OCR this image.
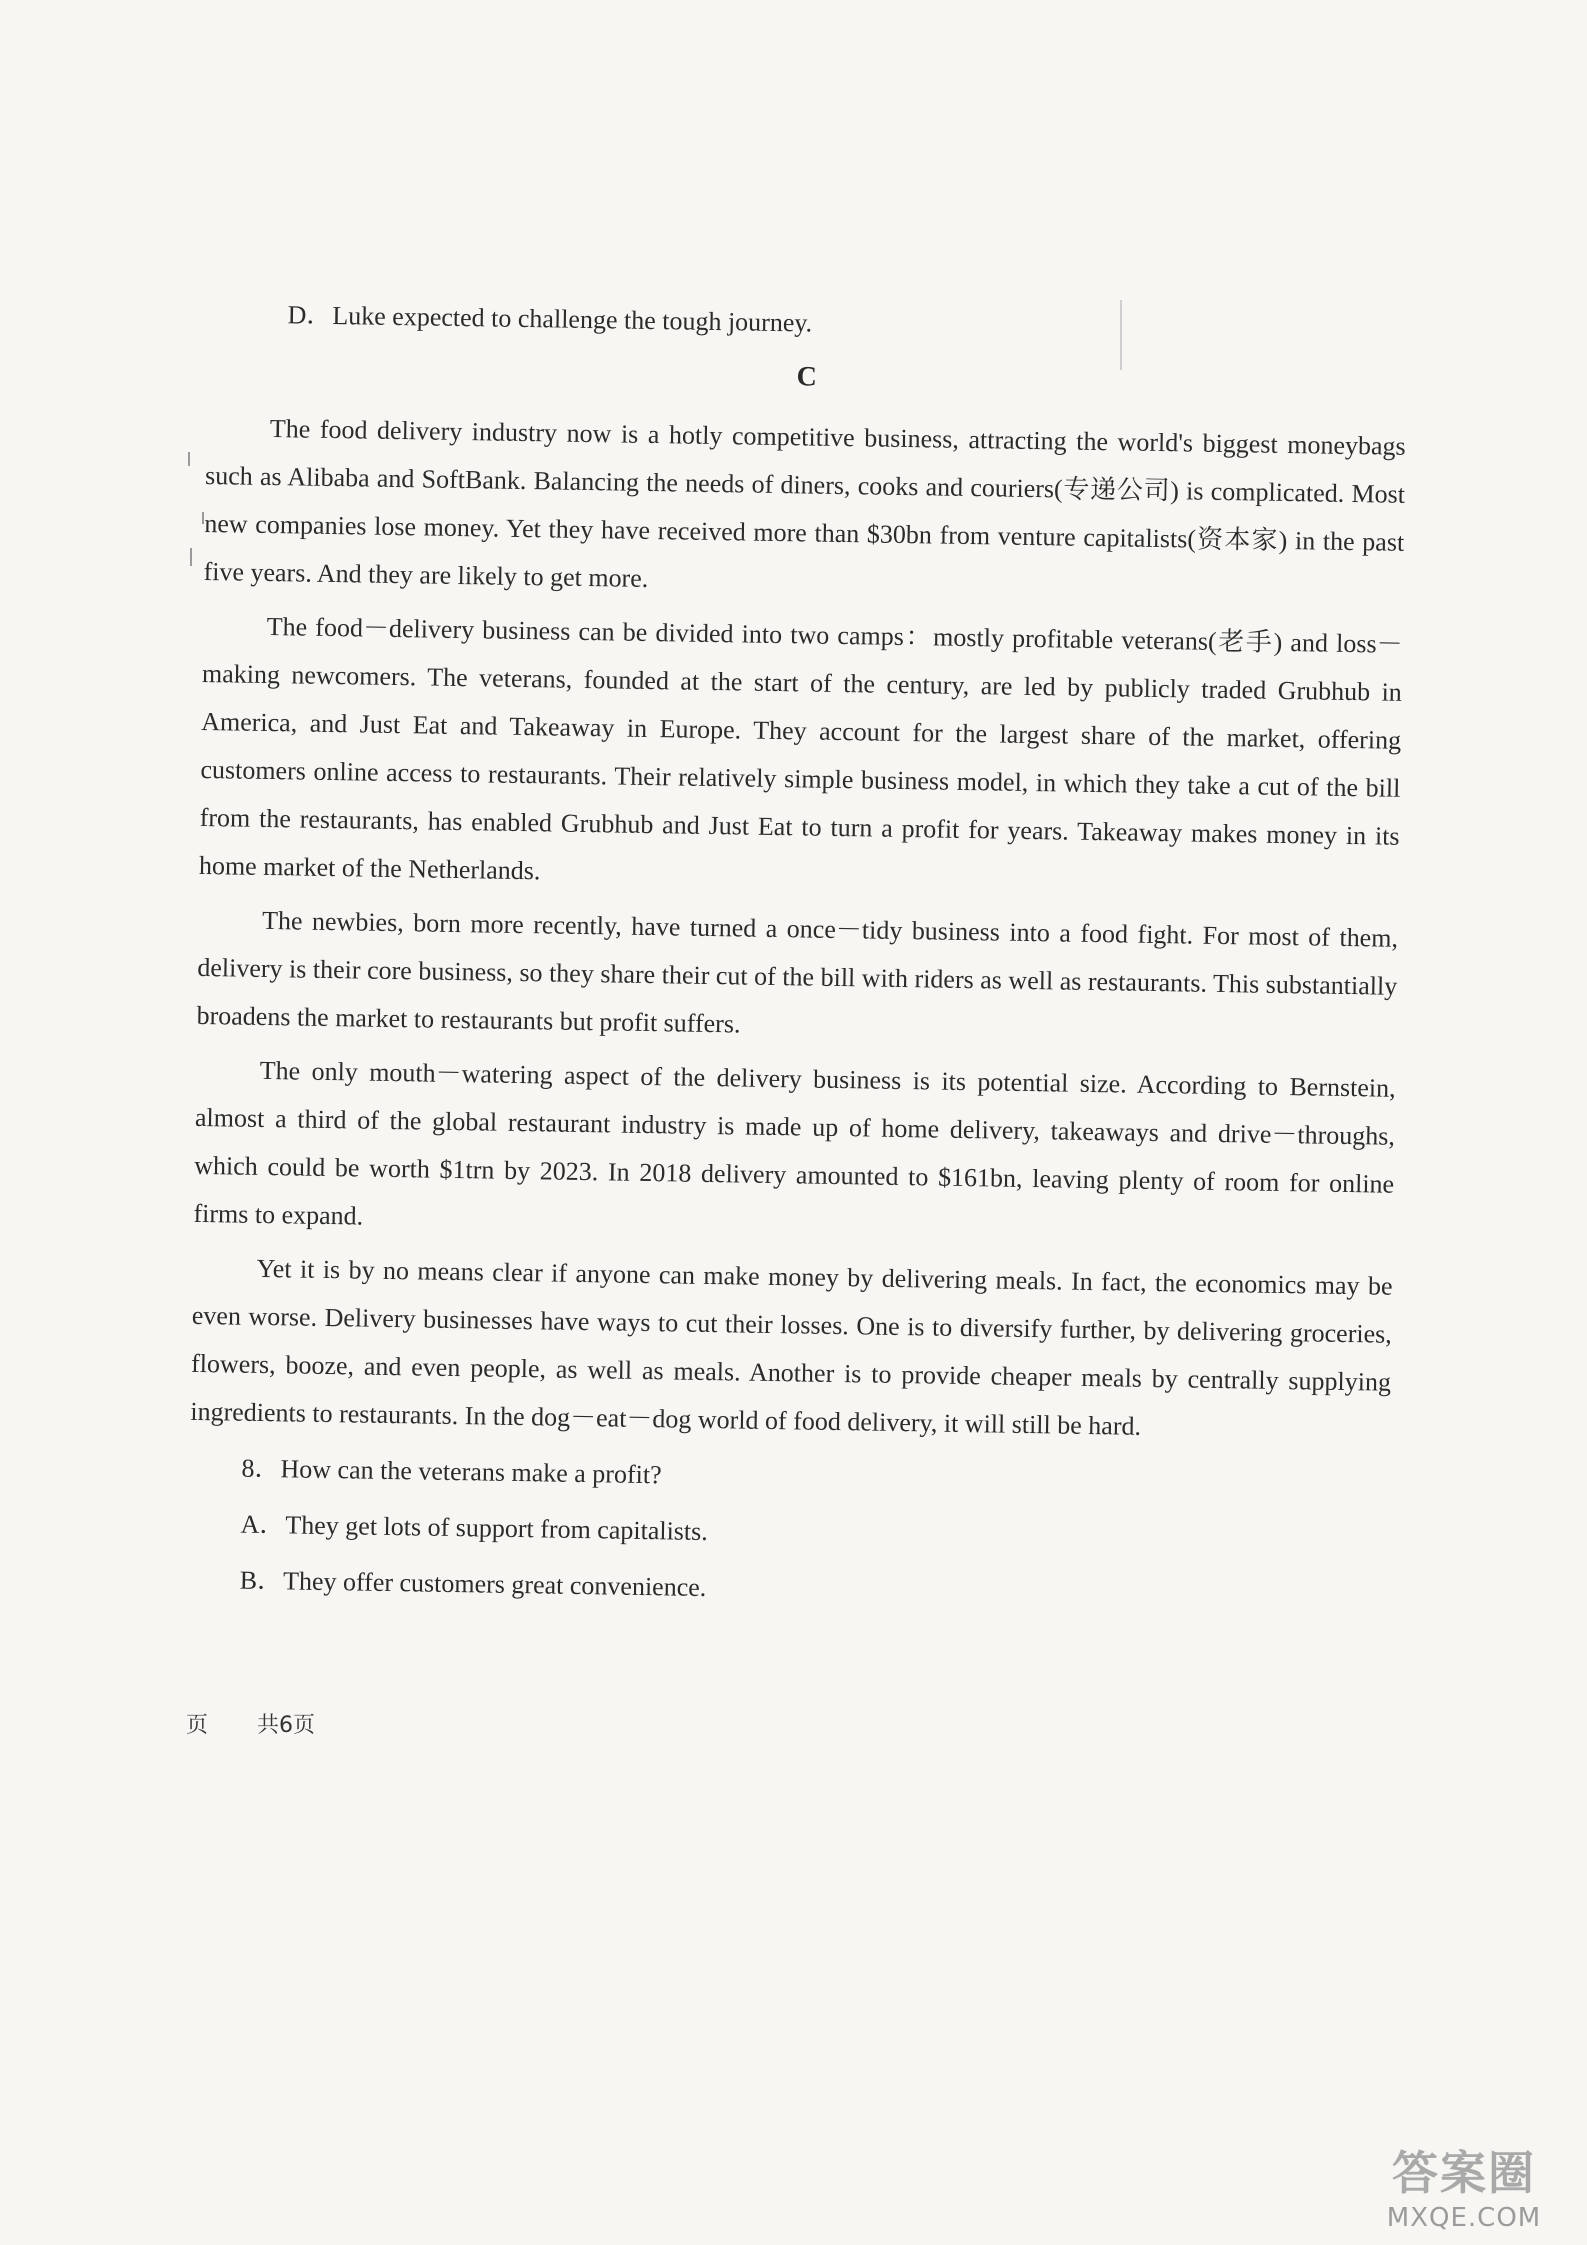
D．Luke expected to challenge the tough journey.

C

The food delivery industry now is a hotly competitive business, attracting the world's biggest moneybags such as Alibaba and SoftBank. Balancing the needs of diners, cooks and couriers(专递公司) is complicated. Most new companies lose money. Yet they have received more than $30bn from venture capitalists(资本家) in the past five years. And they are likely to get more.

The food－delivery business can be divided into two camps：mostly profitable veterans(老手) and loss－making newcomers. The veterans, founded at the start of the century, are led by publicly traded Grubhub in America, and Just Eat and Takeaway in Europe. They account for the largest share of the market, offering customers online access to restaurants. Their relatively simple business model, in which they take a cut of the bill from the restaurants, has enabled Grubhub and Just Eat to turn a profit for years. Takeaway makes money in its home market of the Netherlands.

The newbies, born more recently, have turned a once－tidy business into a food fight. For most of them, delivery is their core business, so they share their cut of the bill with riders as well as restaurants. This substantially broadens the market to restaurants but profit suffers.

The only mouth－watering aspect of the delivery business is its potential size. According to Bernstein, almost a third of the global restaurant industry is made up of home delivery, takeaways and drive－throughs, which could be worth $1trn by 2023. In 2018 delivery amounted to $161bn, leaving plenty of room for online firms to expand.

Yet it is by no means clear if anyone can make money by delivering meals. In fact, the economics may be even worse. Delivery businesses have ways to cut their losses. One is to diversify further, by delivering groceries, flowers, booze, and even people, as well as meals. Another is to provide cheaper meals by centrally supplying ingredients to restaurants. In the dog－eat－dog world of food delivery, it will still be hard.

8．How can the veterans make a profit?

A．They get lots of support from capitalists.

B．They offer customers great convenience.

页 共6页
答案圈
MXQE.COM
